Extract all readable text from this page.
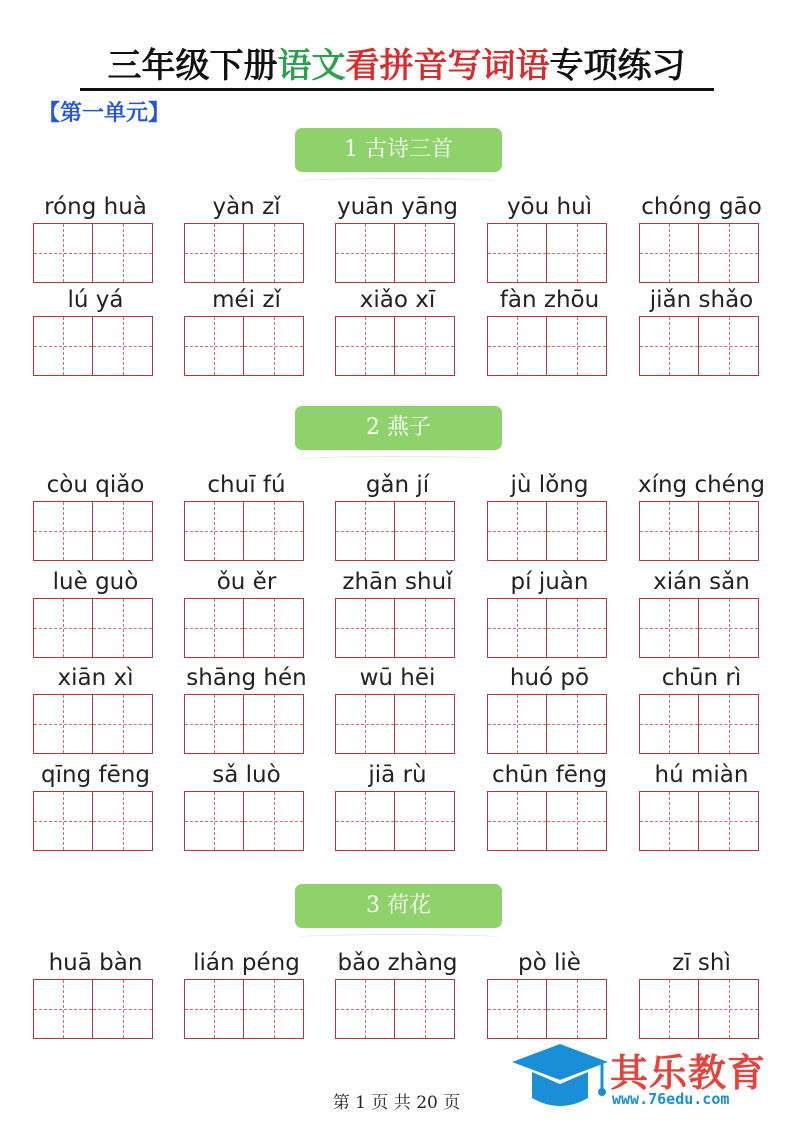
三年级下册语文看拼音写词语专项练习
【第一单元】
1 古诗三首
róng huà	yàn zǐ	yuān yāng	yōu huì	chóng gāo
lú yá	méi zǐ	xiǎo xī	fàn zhōu	jiǎn shǎo
2 燕子
còu qiǎo	chuī fú	gǎn jí	jù lǒng	xíng chéng
luè guò	ǒu ěr	zhān shuǐ	pí juàn	xián sǎn
xiān xì	shāng hén	wū hēi	huó pō	chūn rì
qīng fēng	sǎ luò	jiā rù	chūn fēng	hú miàn
3 荷花
huā bàn	lián péng	bǎo zhàng	pò liè	zī shì
第 1 页 共 20 页
其乐教育
www.76edu.com
